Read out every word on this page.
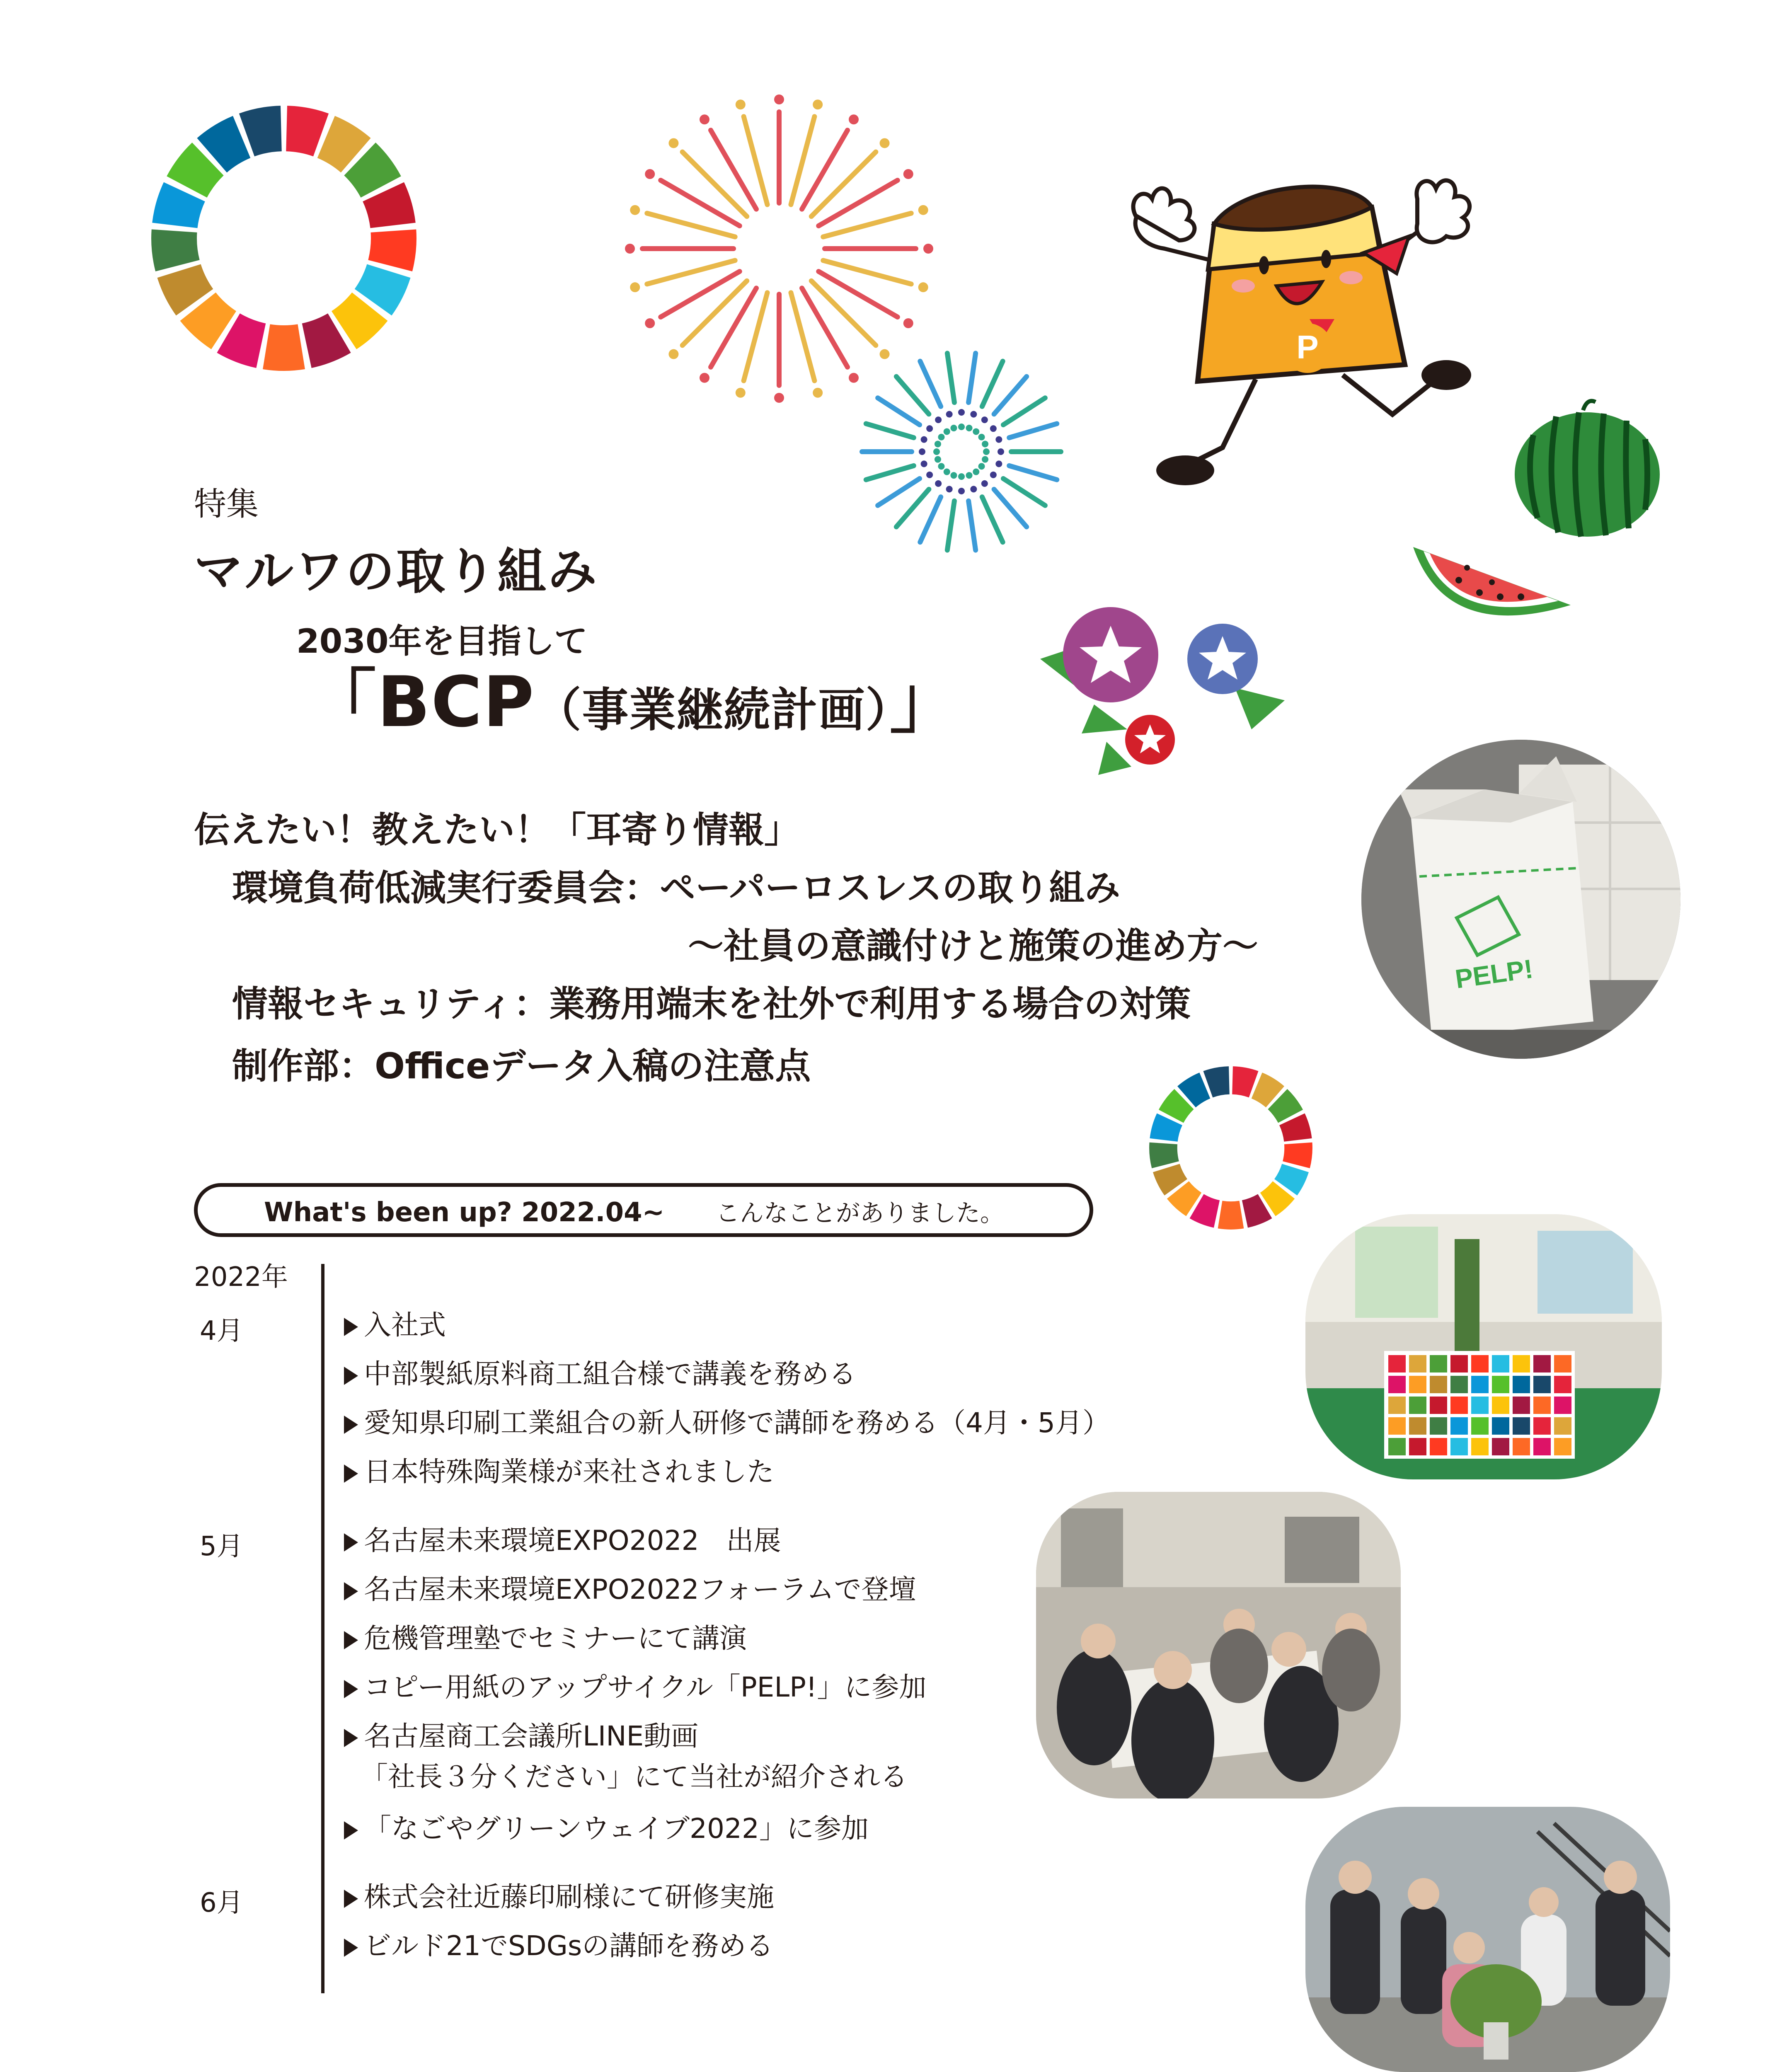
P
特集
マルワの取り組み
2030年を目指して
「BCP（事業継続計画）」
伝えたい！教えたい！「耳寄り情報」
環境負荷低減実行委員会：ペーパーロスレスの取り組み
～社員の意識付けと施策の進め方～
情報セキュリティ：業務用端末を社外で利用する場合の対策
制作部：Officeデータ入稿の注意点
What's been up? 2022.04~ こんなことがありました。
2022年
4月	入社式
中部製紙原料商工組合様で講義を務める
愛知県印刷工業組合の新人研修で講師を務める（4月・5月）
日本特殊陶業様が来社されました
5月	名古屋未来環境EXPO2022　出展
名古屋未来環境EXPO2022フォーラムで登壇
危機管理塾でセミナーにて講演
コピー用紙のアップサイクル「PELP!」に参加
名古屋商工会議所LINE動画
「社長３分ください」にて当社が紹介される
「なごやグリーンウェイブ2022」に参加
6月	株式会社近藤印刷様にて研修実施
ビルド21でSDGsの講師を務める
PELP!
